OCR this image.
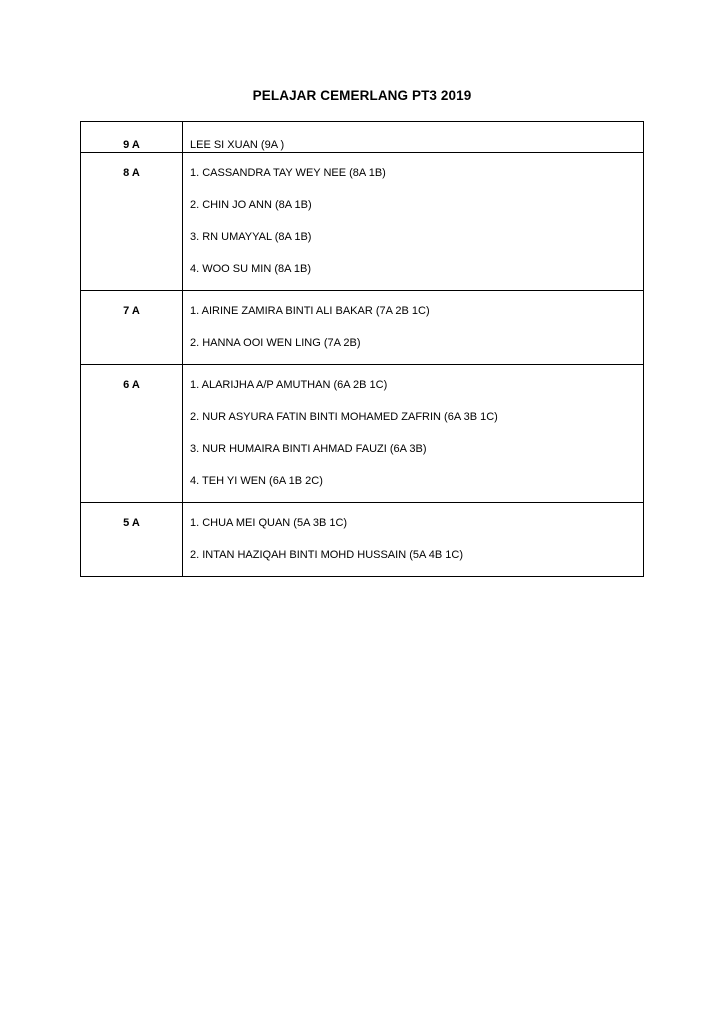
PELAJAR CEMERLANG PT3 2019
9 A	LEE SI XUAN (9A )

8 A	1. CASSANDRA TAY WEY NEE (8A 1B)
2. CHIN JO ANN (8A 1B)
3. RN UMAYYAL (8A 1B)
4. WOO SU MIN (8A 1B)

7 A	1. AIRINE ZAMIRA BINTI ALI BAKAR (7A 2B 1C)
2. HANNA OOI WEN LING (7A 2B)

6 A	1. ALARIJHA A/P AMUTHAN (6A 2B 1C)
2. NUR ASYURA FATIN BINTI MOHAMED ZAFRIN (6A 3B 1C)
3. NUR HUMAIRA BINTI AHMAD FAUZI (6A 3B)
4. TEH YI WEN (6A 1B 2C)

5 A	1. CHUA MEI QUAN (5A 3B 1C)
2. INTAN HAZIQAH BINTI MOHD HUSSAIN (5A 4B 1C)
